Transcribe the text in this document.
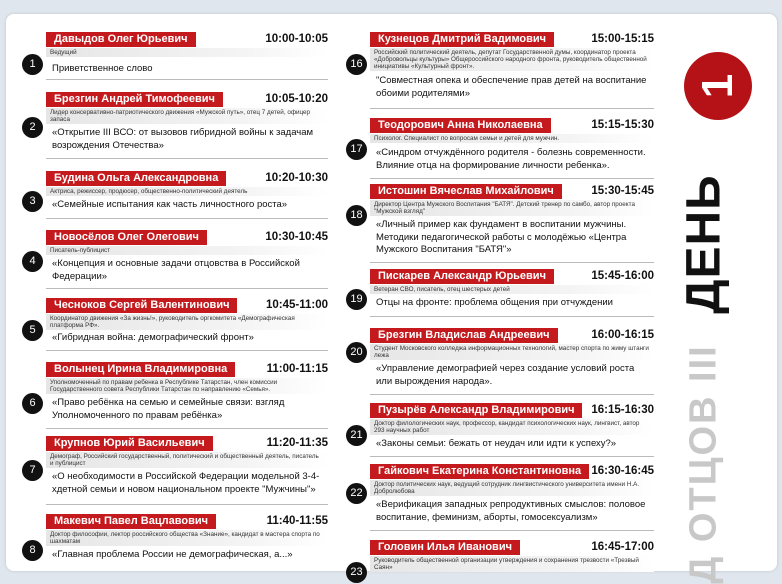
Давыдов Олег Юрьевич	10:00-10:05
Ведущий
1	Приветственное слово
Брезгин Андрей Тимофеевич	10:05-10:20
Лидер консервативно-патриотического движения «Мужской путь», отец 7 детей, офицер запаса
2	«Открытие III ВСО: от вызовов гибридной войны к задачам возрождения Отечества»
Будина Ольга Александровна	10:20-10:30
Актриса, режиссер, продюсер, общественно-политический деятель
3	«Семейные испытания как часть личностного роста»
Новосёлов Олег Олегович	10:30-10:45
Писатель-публицист
4	«Концепция и основные задачи отцовства в Российской Федерации»
Чесноков Сергей Валентинович	10:45-11:00
Координатор движения «За жизнь!», руководитель оргкомитета «Демографическая платформа РФ».
5
«Гибридная война: демографический фронт»
Волынец Ирина Владимировна	11:00-11:15
Уполномоченный по правам ребенка в Республике Татарстан, член комиссии Государственного совета Республики Татарстан по направлению «Семья».
6	«Право ребёнка на семью и семейные связи: взгляд Уполномоченного по правам ребёнка»
Крупнов Юрий Васильевич	11:20-11:35
Демограф, Российский государственный, политический и общественный деятель, писатель и публицист
7
«О необходимости в Российской Федерации модельной 3-4-хдетной семьи и новом национальном проекте "Мужчины"»
Макевич Павел Вацлавович	11:40-11:55
Доктор философии, лектор российского общества «Знание», кандидат в мастера спорта по шахматам
8	«Главная проблема России не демографическая, а...»
Кузнецов Дмитрий Вадимович	15:00-15:15
Российский политический деятель, депутат Государственной думы, координатор проекта «Добровольцы культуры» Общероссийского народного фронта, руководитель общественной инициативы «Культурный фронт».
16
"Совместная опека и обеспечение прав детей на воспитание обоими родителями»
Теодорович Анна Николаевна	15:15-15:30
Психолог. Специалист по вопросам семьи и детей для мужчин.
17	«Синдром отчуждённого родителя - болезнь современности. Влияние отца на формирование личности ребенка».
Истошин Вячеслав Михайлович	15:30-15:45
Директор Центра Мужского Воспитания "БАТЯ". Детский тренер по самбо, автор проекта "Мужской взгляд"
18
«Личный пример как фундамент в воспитании мужчины. Методики педагогической работы с молодёжью «Центра Мужского Воспитания "БАТЯ"»
Пискарев Александр Юрьевич	15:45-16:00
Ветеран СВО, писатель, отец шестерых детей
19	Отцы на фронте: проблема общения при отчуждении
Брезгин Владислав Андреевич	16:00-16:15
Студент Московского колледжа информационных технологий, мастер спорта по жиму штанги лежа
20
«Управление демографией через создание условий роста или вырождения народа».
Пузырёв Александр Владимирович	16:15-16:30
Доктор филологических наук, профессор, кандидат психологических наук, лингвист, автор 293 научных работ
21
«Законы семьи: бежать от неудач или идти к успеху?»
Гайкович Екатерина Константиновна 16:30-16:45
Доктор политических наук, ведущий сотрудник лингвистического университета имени Н.А. Добролюбова
22
«Верификация западных репродуктивных смыслов: половое воспитание, феминизм, аборты, гомосексуализм»
Головин Илья Иванович	16:45-17:00
Руководитель общественной организации утверждения и сохранения трезвости «Трезвый Саян»
23
1
ДЕНЬ
Д ОТЦОВ III
